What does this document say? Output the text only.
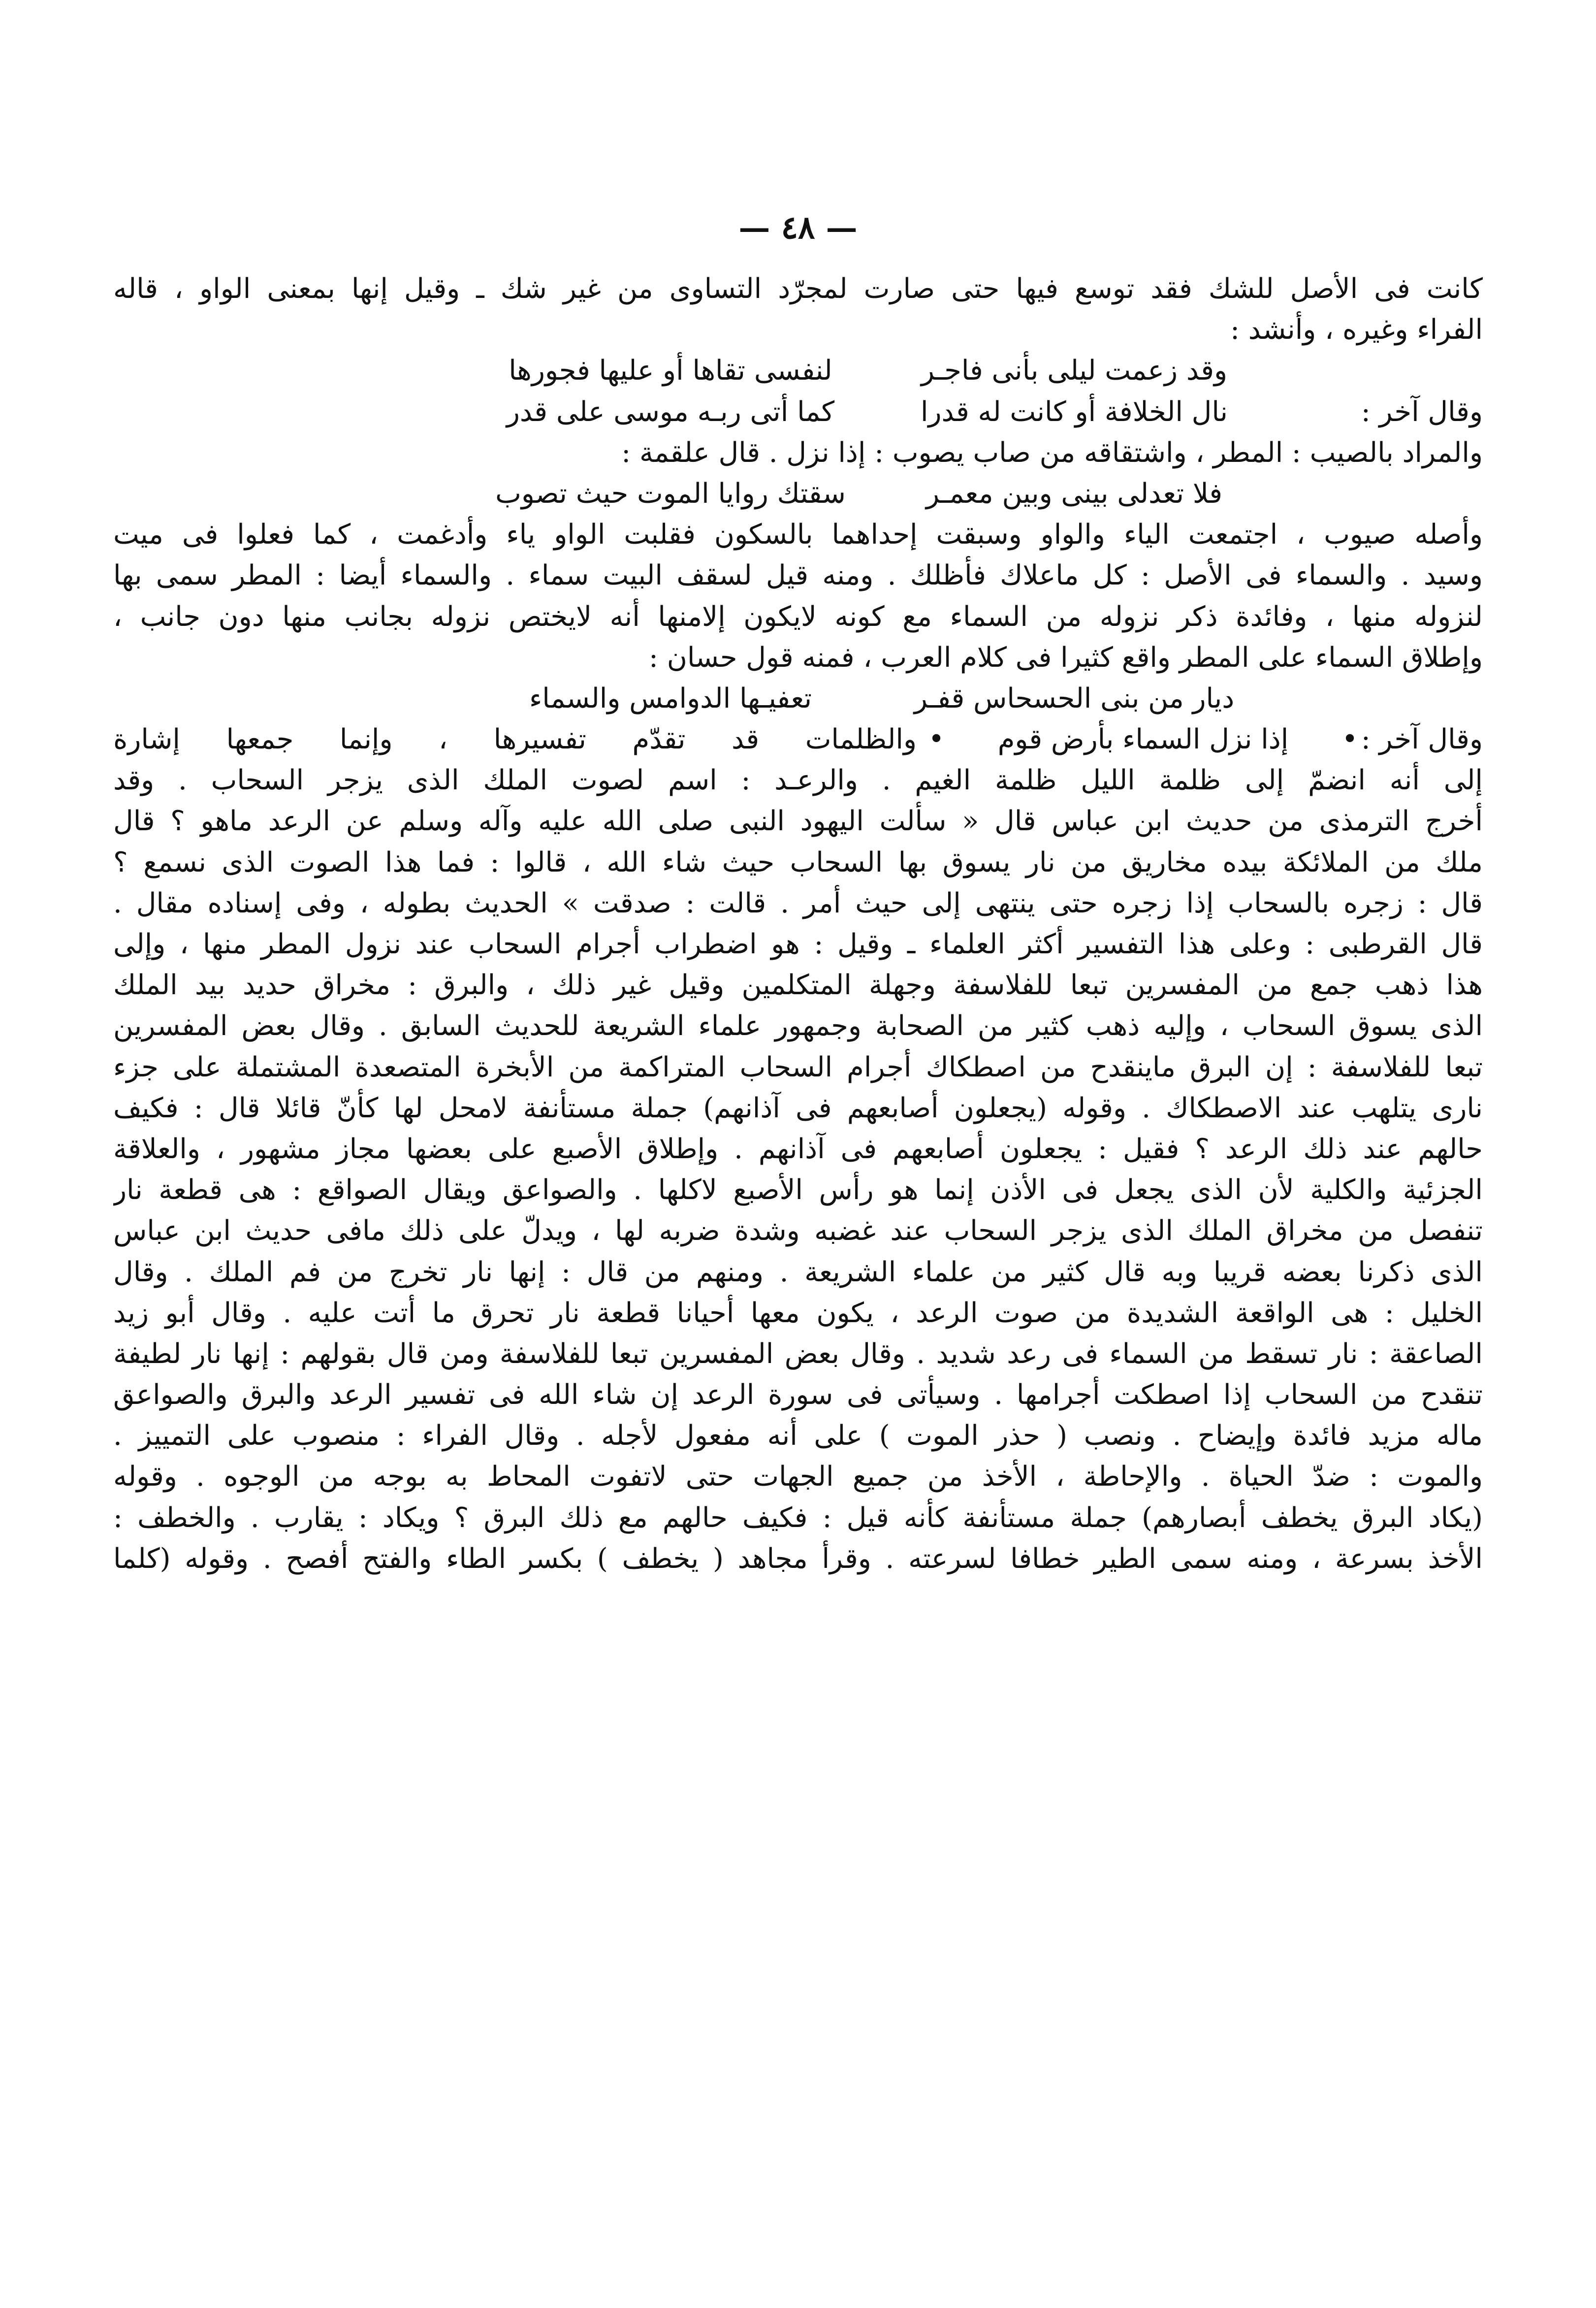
— ٤٨ —
كانت فى الأصل للشك فقد توسع فيها حتى صارت لمجرّد التساوى من غير شك ـ وقيل إنها بمعنى الواو ، قاله
الفراء وغيره ، وأنشد :
وقد زعمت ليلى بأنى فاجـر
لنفسى تقاها أو عليها فجورها
وقال آخر :
نال الخلافة أو كانت له قدرا
كما أتى ربـه موسى على قدر
والمراد بالصيب : المطر ، واشتقاقه من صاب يصوب : إذا نزل . قال علقمة :
فلا تعدلى بينى وبين معمـر
سقتك روايا الموت حيث تصوب
وأصله صيوب ، اجتمعت الياء والواو وسبقت إحداهما بالسكون فقلبت الواو ياء وأدغمت ، كما فعلوا فى ميت
وسيد . والسماء فى الأصل : كل ماعلاك فأظلك . ومنه قيل لسقف البيت سماء . والسماء أيضا : المطر سمى بها
لنزوله منها ، وفائدة ذكر نزوله من السماء مع كونه لايكون إلامنها أنه لايختص نزوله بجانب منها دون جانب ،
وإطلاق السماء على المطر واقع كثيرا فى كلام العرب ، فمنه قول حسان :
ديار من بنى الحسحاس قفـر
تعفيـها الدوامس والسماء
وقال آخر :
•
إذا نزل السماء بأرض قوم
•
والظلمات قد تقدّم تفسيرها ، وإنما جمعها إشارة
إلى أنه انضمّ إلى ظلمة الليل ظلمة الغيم . والرعـد : اسم لصوت الملك الذى يزجر السحاب . وقد
أخرج الترمذى من حديث ابن عباس قال « سألت اليهود النبى صلى الله عليه وآله وسلم عن الرعد ماهو ؟ قال
ملك من الملائكة بيده مخاريق من نار يسوق بها السحاب حيث شاء الله ، قالوا : فما هذا الصوت الذى نسمع ؟
قال : زجره بالسحاب إذا زجره حتى ينتهى إلى حيث أمر . قالت : صدقت » الحديث بطوله ، وفى إسناده مقال .
قال القرطبى : وعلى هذا التفسير أكثر العلماء ـ وقيل : هو اضطراب أجرام السحاب عند نزول المطر منها ، وإلى
هذا ذهب جمع من المفسرين تبعا للفلاسفة وجهلة المتكلمين وقيل غير ذلك ، والبرق : مخراق حديد بيد الملك
الذى يسوق السحاب ، وإليه ذهب كثير من الصحابة وجمهور علماء الشريعة للحديث السابق . وقال بعض المفسرين
تبعا للفلاسفة : إن البرق ماينقدح من اصطكاك أجرام السحاب المتراكمة من الأبخرة المتصعدة المشتملة على جزء
نارى يتلهب عند الاصطكاك . وقوله (يجعلون أصابعهم فى آذانهم) جملة مستأنفة لامحل لها كأنّ قائلا قال : فكيف
حالهم عند ذلك الرعد ؟ فقيل : يجعلون أصابعهم فى آذانهم . وإطلاق الأصبع على بعضها مجاز مشهور ، والعلاقة
الجزئية والكلية لأن الذى يجعل فى الأذن إنما هو رأس الأصبع لاكلها . والصواعق ويقال الصواقع : هى قطعة نار
تنفصل من مخراق الملك الذى يزجر السحاب عند غضبه وشدة ضربه لها ، ويدلّ على ذلك مافى حديث ابن عباس
الذى ذكرنا بعضه قريبا وبه قال كثير من علماء الشريعة . ومنهم من قال : إنها نار تخرج من فم الملك . وقال
الخليل : هى الواقعة الشديدة من صوت الرعد ، يكون معها أحيانا قطعة نار تحرق ما أتت عليه . وقال أبو زيد
الصاعقة : نار تسقط من السماء فى رعد شديد . وقال بعض المفسرين تبعا للفلاسفة ومن قال بقولهم : إنها نار لطيفة
تنقدح من السحاب إذا اصطكت أجرامها . وسيأتى فى سورة الرعد إن شاء الله فى تفسير الرعد والبرق والصواعق
ماله مزيد فائدة وإيضاح . ونصب ( حذر الموت ) على أنه مفعول لأجله . وقال الفراء : منصوب على التمييز .
والموت : ضدّ الحياة . والإحاطة ، الأخذ من جميع الجهات حتى لاتفوت المحاط به بوجه من الوجوه . وقوله
(يكاد البرق يخطف أبصارهم) جملة مستأنفة كأنه قيل : فكيف حالهم مع ذلك البرق ؟ ويكاد : يقارب . والخطف :
الأخذ بسرعة ، ومنه سمى الطير خطافا لسرعته . وقرأ مجاهد ( يخطف ) بكسر الطاء والفتح أفصح . وقوله (كلما
